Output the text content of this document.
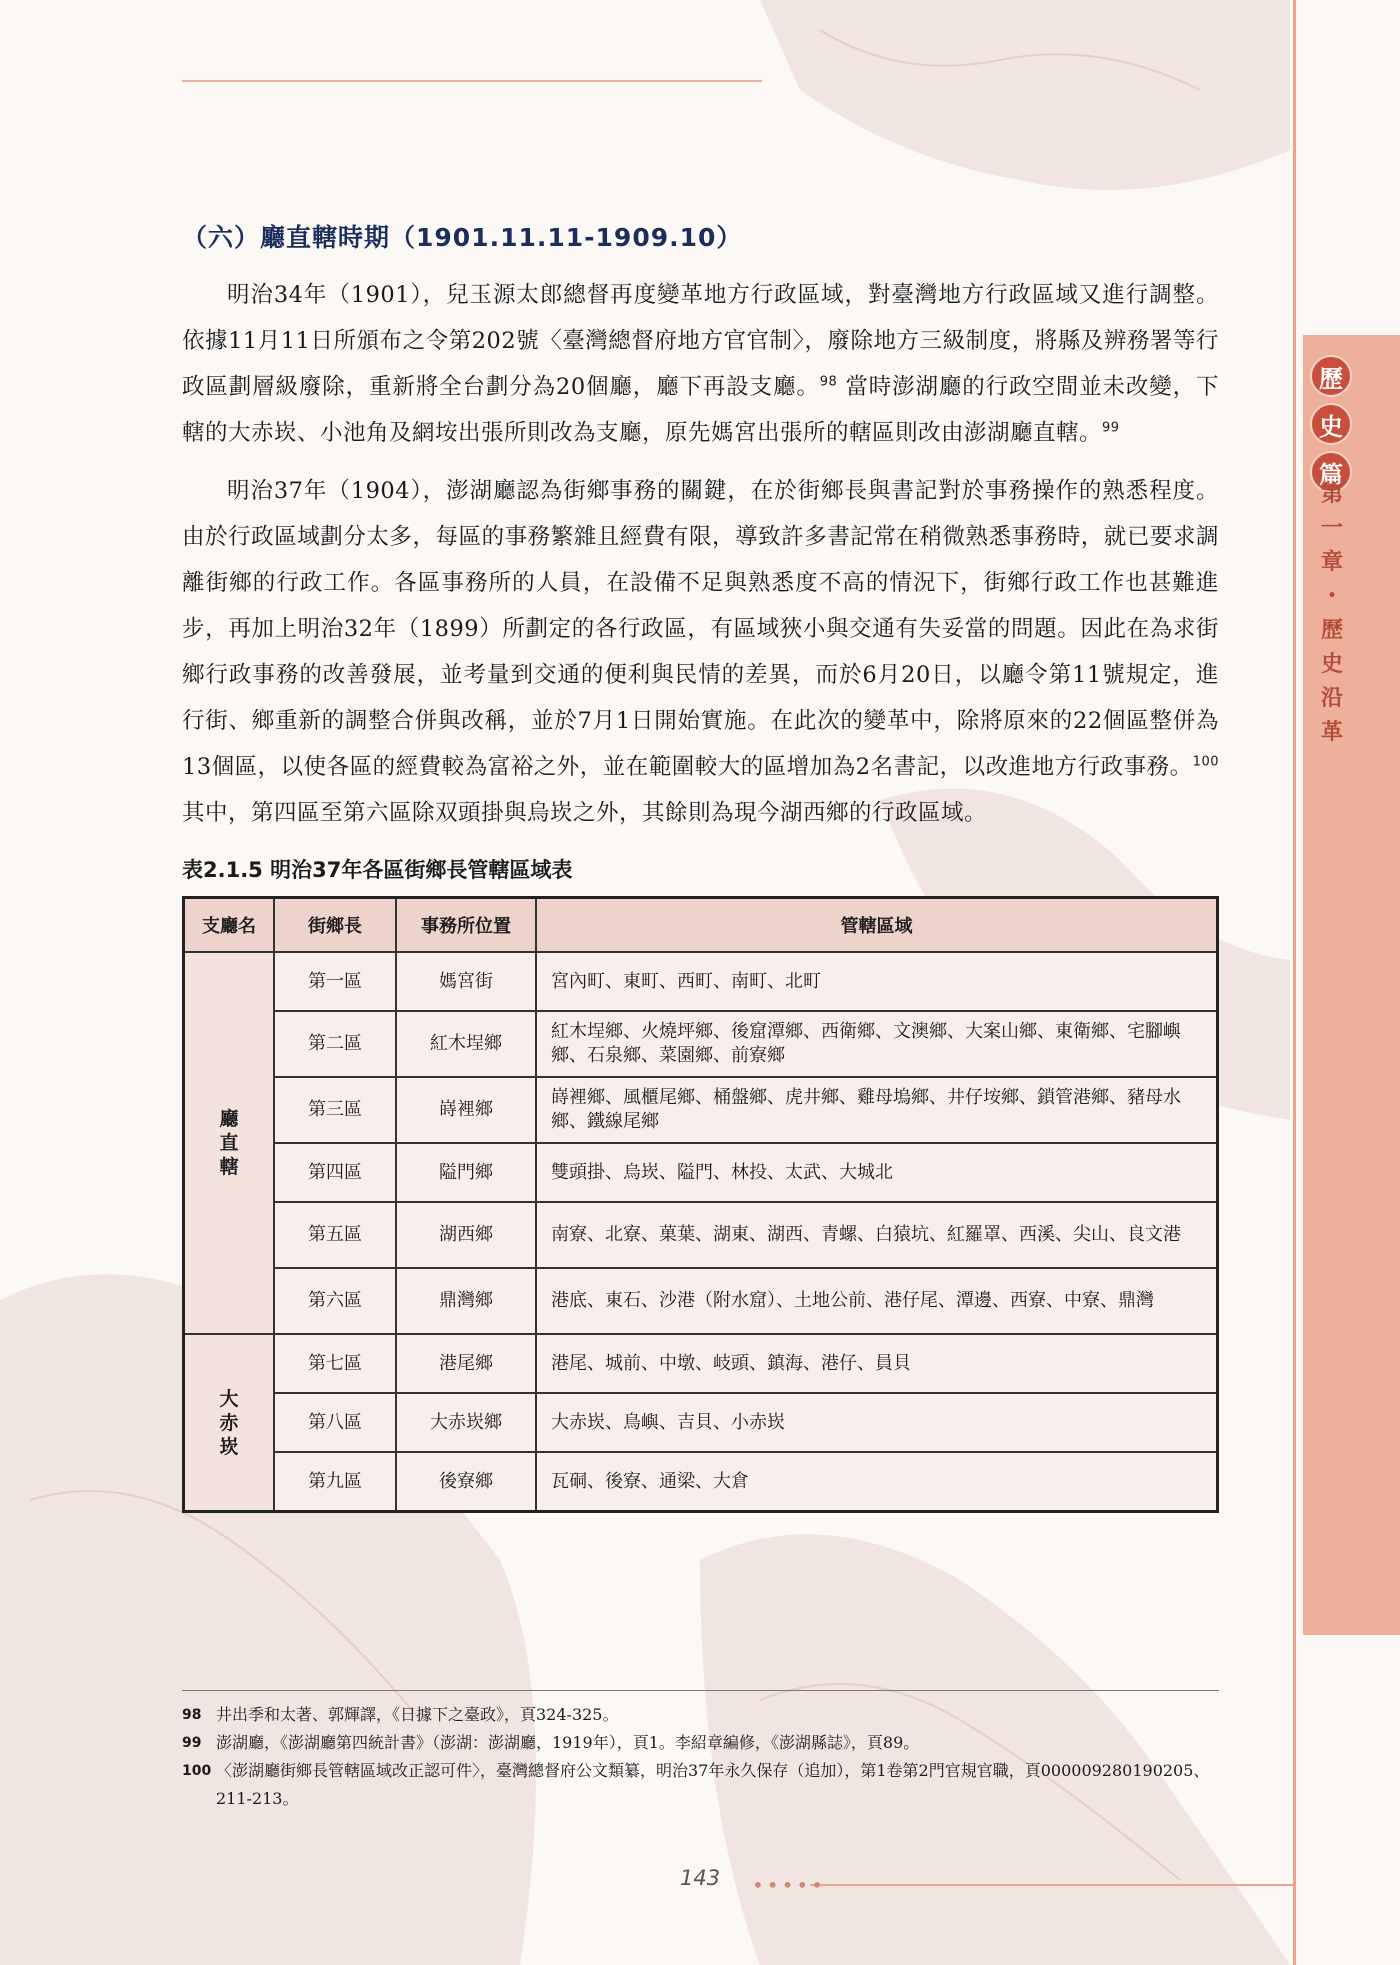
歷
史
篇
第
一
章
・
歷
史
沿
革
（六）廳直轄時期（1901.11.11-1909.10）

明治34年（1901），兒玉源太郎總督再度變革地方行政區域，對臺灣地方行政區域又進行調整。依據11月11日所頒布之令第202號〈臺灣總督府地方官官制〉，廢除地方三級制度，將縣及辨務署等行政區劃層級廢除，重新將全台劃分為20個廳，廳下再設支廳。$^{98}$ 當時澎湖廳的行政空間並未改變，下轄的大赤崁、小池角及網垵出張所則改為支廳，原先媽宮出張所的轄區則改由澎湖廳直轄。$^{99}$

明治37年（1904），澎湖廳認為街鄉事務的關鍵，在於街鄉長與書記對於事務操作的熟悉程度。由於行政區域劃分太多，每區的事務繁雜且經費有限，導致許多書記常在稍微熟悉事務時，就已要求調離街鄉的行政工作。各區事務所的人員，在設備不足與熟悉度不高的情況下，街鄉行政工作也甚難進步，再加上明治32年（1899）所劃定的各行政區，有區域狹小與交通有失妥當的問題。因此在為求街鄉行政事務的改善發展，並考量到交通的便利與民情的差異，而於6月20日，以廳令第11號規定，進行街、鄉重新的調整合併與改稱，並於7月1日開始實施。在此次的變革中，除將原來的22個區整併為13個區，以使各區的經費較為富裕之外，並在範圍較大的區增加為2名書記，以改進地方行政事務。$^{100}$ 其中，第四區至第六區除双頭掛與烏崁之外，其餘則為現今湖西鄉的行政區域。

表2.1.5 明治37年各區街鄉長管轄區域表
支廳名	街鄉長	事務所位置	管轄區域

廳
直
轄	第一區	媽宮街	宮內町、東町、西町、南町、北町
	第二區	紅木埕鄉	紅木埕鄉、火燒坪鄉、後窟潭鄉、西衛鄉、文澳鄉、大案山鄉、東衛鄉、宅腳嶼鄉、石泉鄉、菜園鄉、前寮鄉
	第三區	嵵裡鄉	嵵裡鄉、風櫃尾鄉、桶盤鄉、虎井鄉、雞母塢鄉、井仔垵鄉、鎖管港鄉、豬母水鄉、鐵線尾鄉
	第四區	隘門鄉	雙頭掛、烏崁、隘門、林投、太武、大城北
	第五區	湖西鄉	南寮、北寮、菓葉、湖東、湖西、青螺、白猿坑、紅羅罩、西溪、尖山、良文港
	第六區	鼎灣鄉	港底、東石、沙港（附水窟）、土地公前、港仔尾、潭邊、西寮、中寮、鼎灣

大
赤
崁	第七區	港尾鄉	港尾、城前、中墩、岐頭、鎮海、港仔、員貝
	第八區	大赤崁鄉	大赤崁、鳥嶼、吉貝、小赤崁
	第九區	後寮鄉	瓦硐、後寮、通梁、大倉
98 井出季和太著、郭輝譯，《日據下之臺政》，頁324-325。
99 澎湖廳，《澎湖廳第四統計書》（澎湖：澎湖廳，1919年），頁1。李紹章編修，《澎湖縣誌》，頁89。
100 〈澎湖廳街鄉長管轄區域改正認可件〉，臺灣總督府公文類纂，明治37年永久保存（追加），第1卷第2門官規官職，頁000009280190205、211-213。
143 •••••
